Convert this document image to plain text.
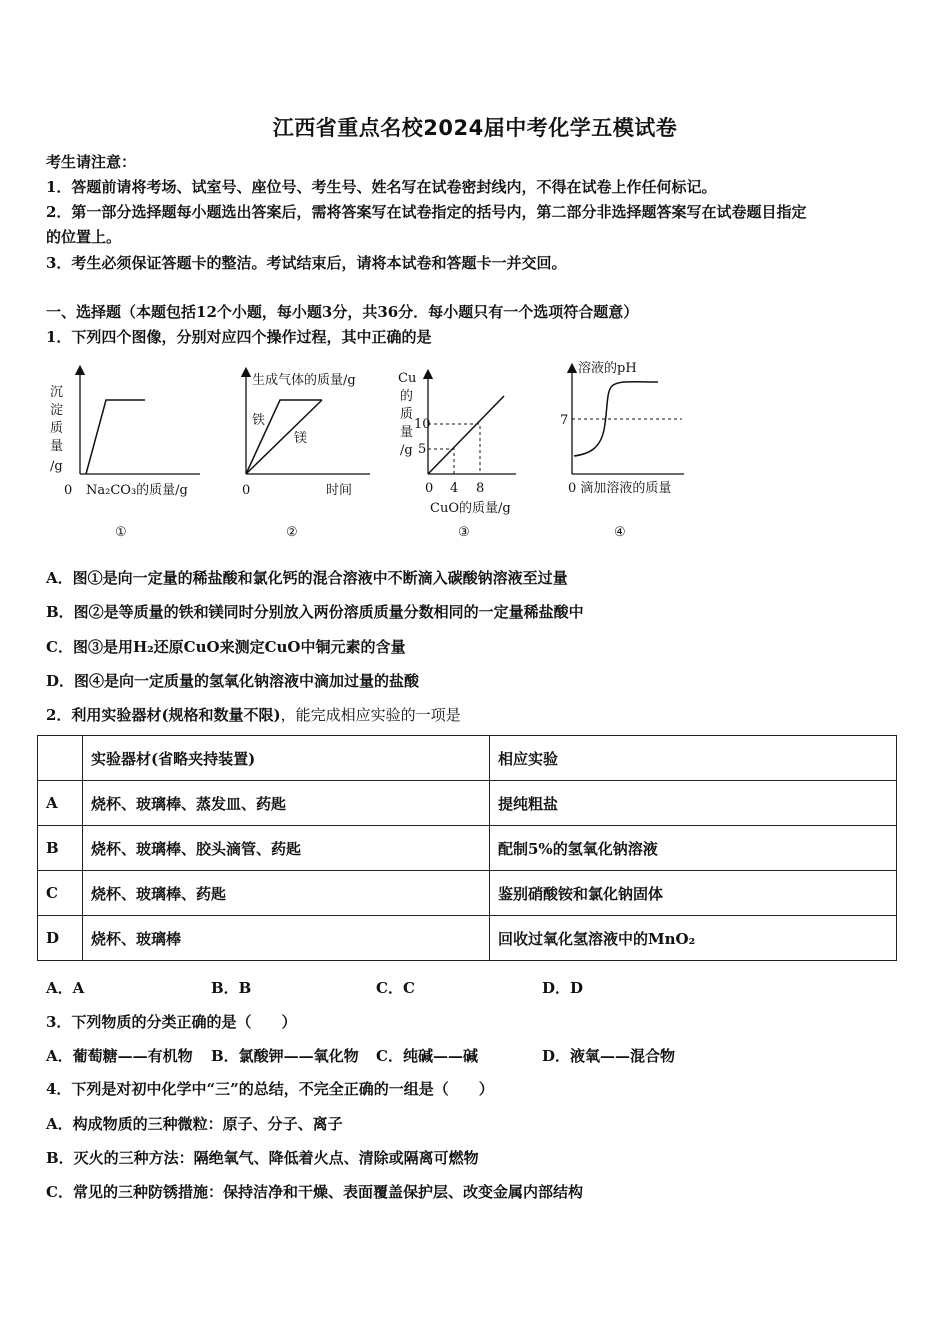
江西省重点名校2024届中考化学五模试卷
考生请注意：
1．答题前请将考场、试室号、座位号、考生号、姓名写在试卷密封线内，不得在试卷上作任何标记。
2．第一部分选择题每小题选出答案后，需将答案写在试卷指定的括号内，第二部分非选择题答案写在试卷题目指定
的位置上。
3．考生必须保证答题卡的整洁。考试结束后，请将本试卷和答题卡一并交回。
一、选择题（本题包括12个小题，每小题3分，共36分．每小题只有一个选项符合题意）
1．下列四个图像，分别对应四个操作过程，其中正确的是
沉
淀
质
量
/g
0 Na₂CO₃的质量/g
①
生成气体的质量/g
铁
镁
0	时间
②
Cu
的
质
量
/g
10
5
0 4 8
CuO的质量/g
③
溶液的pH
7
0 滴加溶液的质量
④
A．图①是向一定量的稀盐酸和氯化钙的混合溶液中不断滴入碳酸钠溶液至过量
B．图②是等质量的铁和镁同时分别放入两份溶质质量分数相同的一定量稀盐酸中
C．图③是用H₂还原CuO来测定CuO中铜元素的含量
D．图④是向一定质量的氢氧化钠溶液中滴加过量的盐酸
2．利用实验器材(规格和数量不限)，能完成相应实验的一项是
	实验器材(省略夹持装置)	相应实验
A	烧杯、玻璃棒、蒸发皿、药匙	提纯粗盐
B	烧杯、玻璃棒、胶头滴管、药匙	配制5%的氢氧化钠溶液
C	烧杯、玻璃棒、药匙	鉴别硝酸铵和氯化钠固体
D	烧杯、玻璃棒	回收过氧化氢溶液中的MnO₂
A．A	B．B	C．C	D．D
3．下列物质的分类正确的是（　　）
A．葡萄糖——有机物 B．氯酸钾——氧化物 C．纯碱——碱	D．液氧——混合物
4．下列是对初中化学中“三”的总结，不完全正确的一组是（　　）
A．构成物质的三种微粒：原子、分子、离子
B．灭火的三种方法：隔绝氧气、降低着火点、清除或隔离可燃物
C．常见的三种防锈措施：保持洁净和干燥、表面覆盖保护层、改变金属内部结构
